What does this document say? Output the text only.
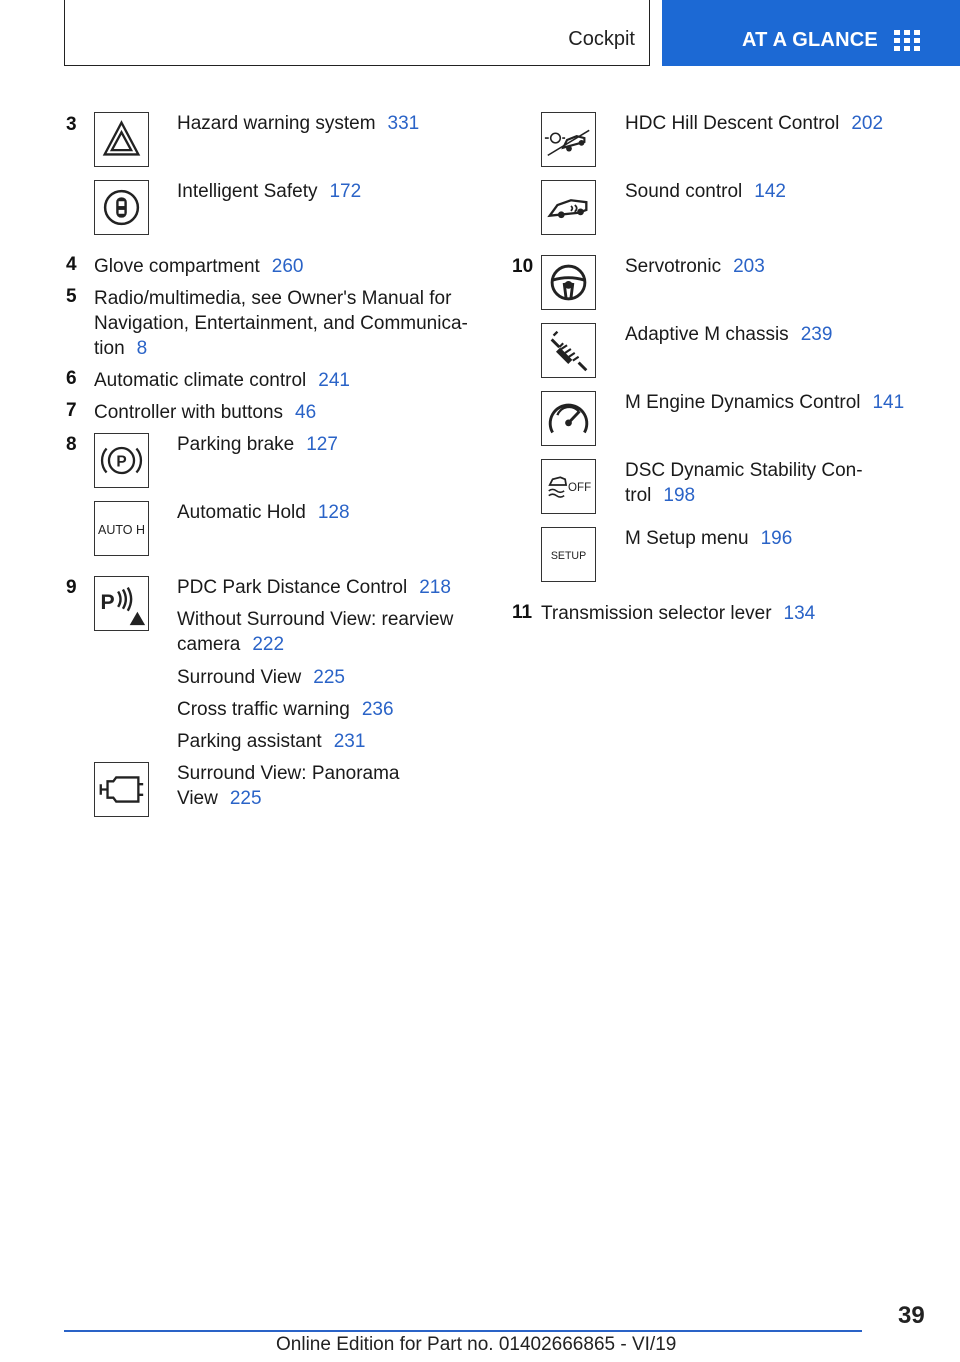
Cockpit	AT A GLANCE
3	Hazard warning system 331
Intelligent Safety 172
4 Glove compartment 260
5 Radio/multimedia, see Owner's Manual for
Navigation, Entertainment, and Communica-
tion 8
6 Automatic climate control 241
7 Controller with buttons 46
8
P
Parking brake 127
AUTO H
Automatic Hold 128
9
P
PDC Park Distance Control 218
Without Surround View: rearview
camera 222
Surround View 225
Cross traffic warning 236
Parking assistant 231
Surround View: Panorama
View 225
HDC Hill Descent Control 202
Sound control 142
10	Servotronic 203
Adaptive M chassis 239
M Engine Dynamics Control 141
OFF
DSC Dynamic Stability Con-
trol 198
SETUP
M Setup menu 196
11 Transmission selector lever 134
39
Online Edition for Part no. 01402666865 - VI/19
